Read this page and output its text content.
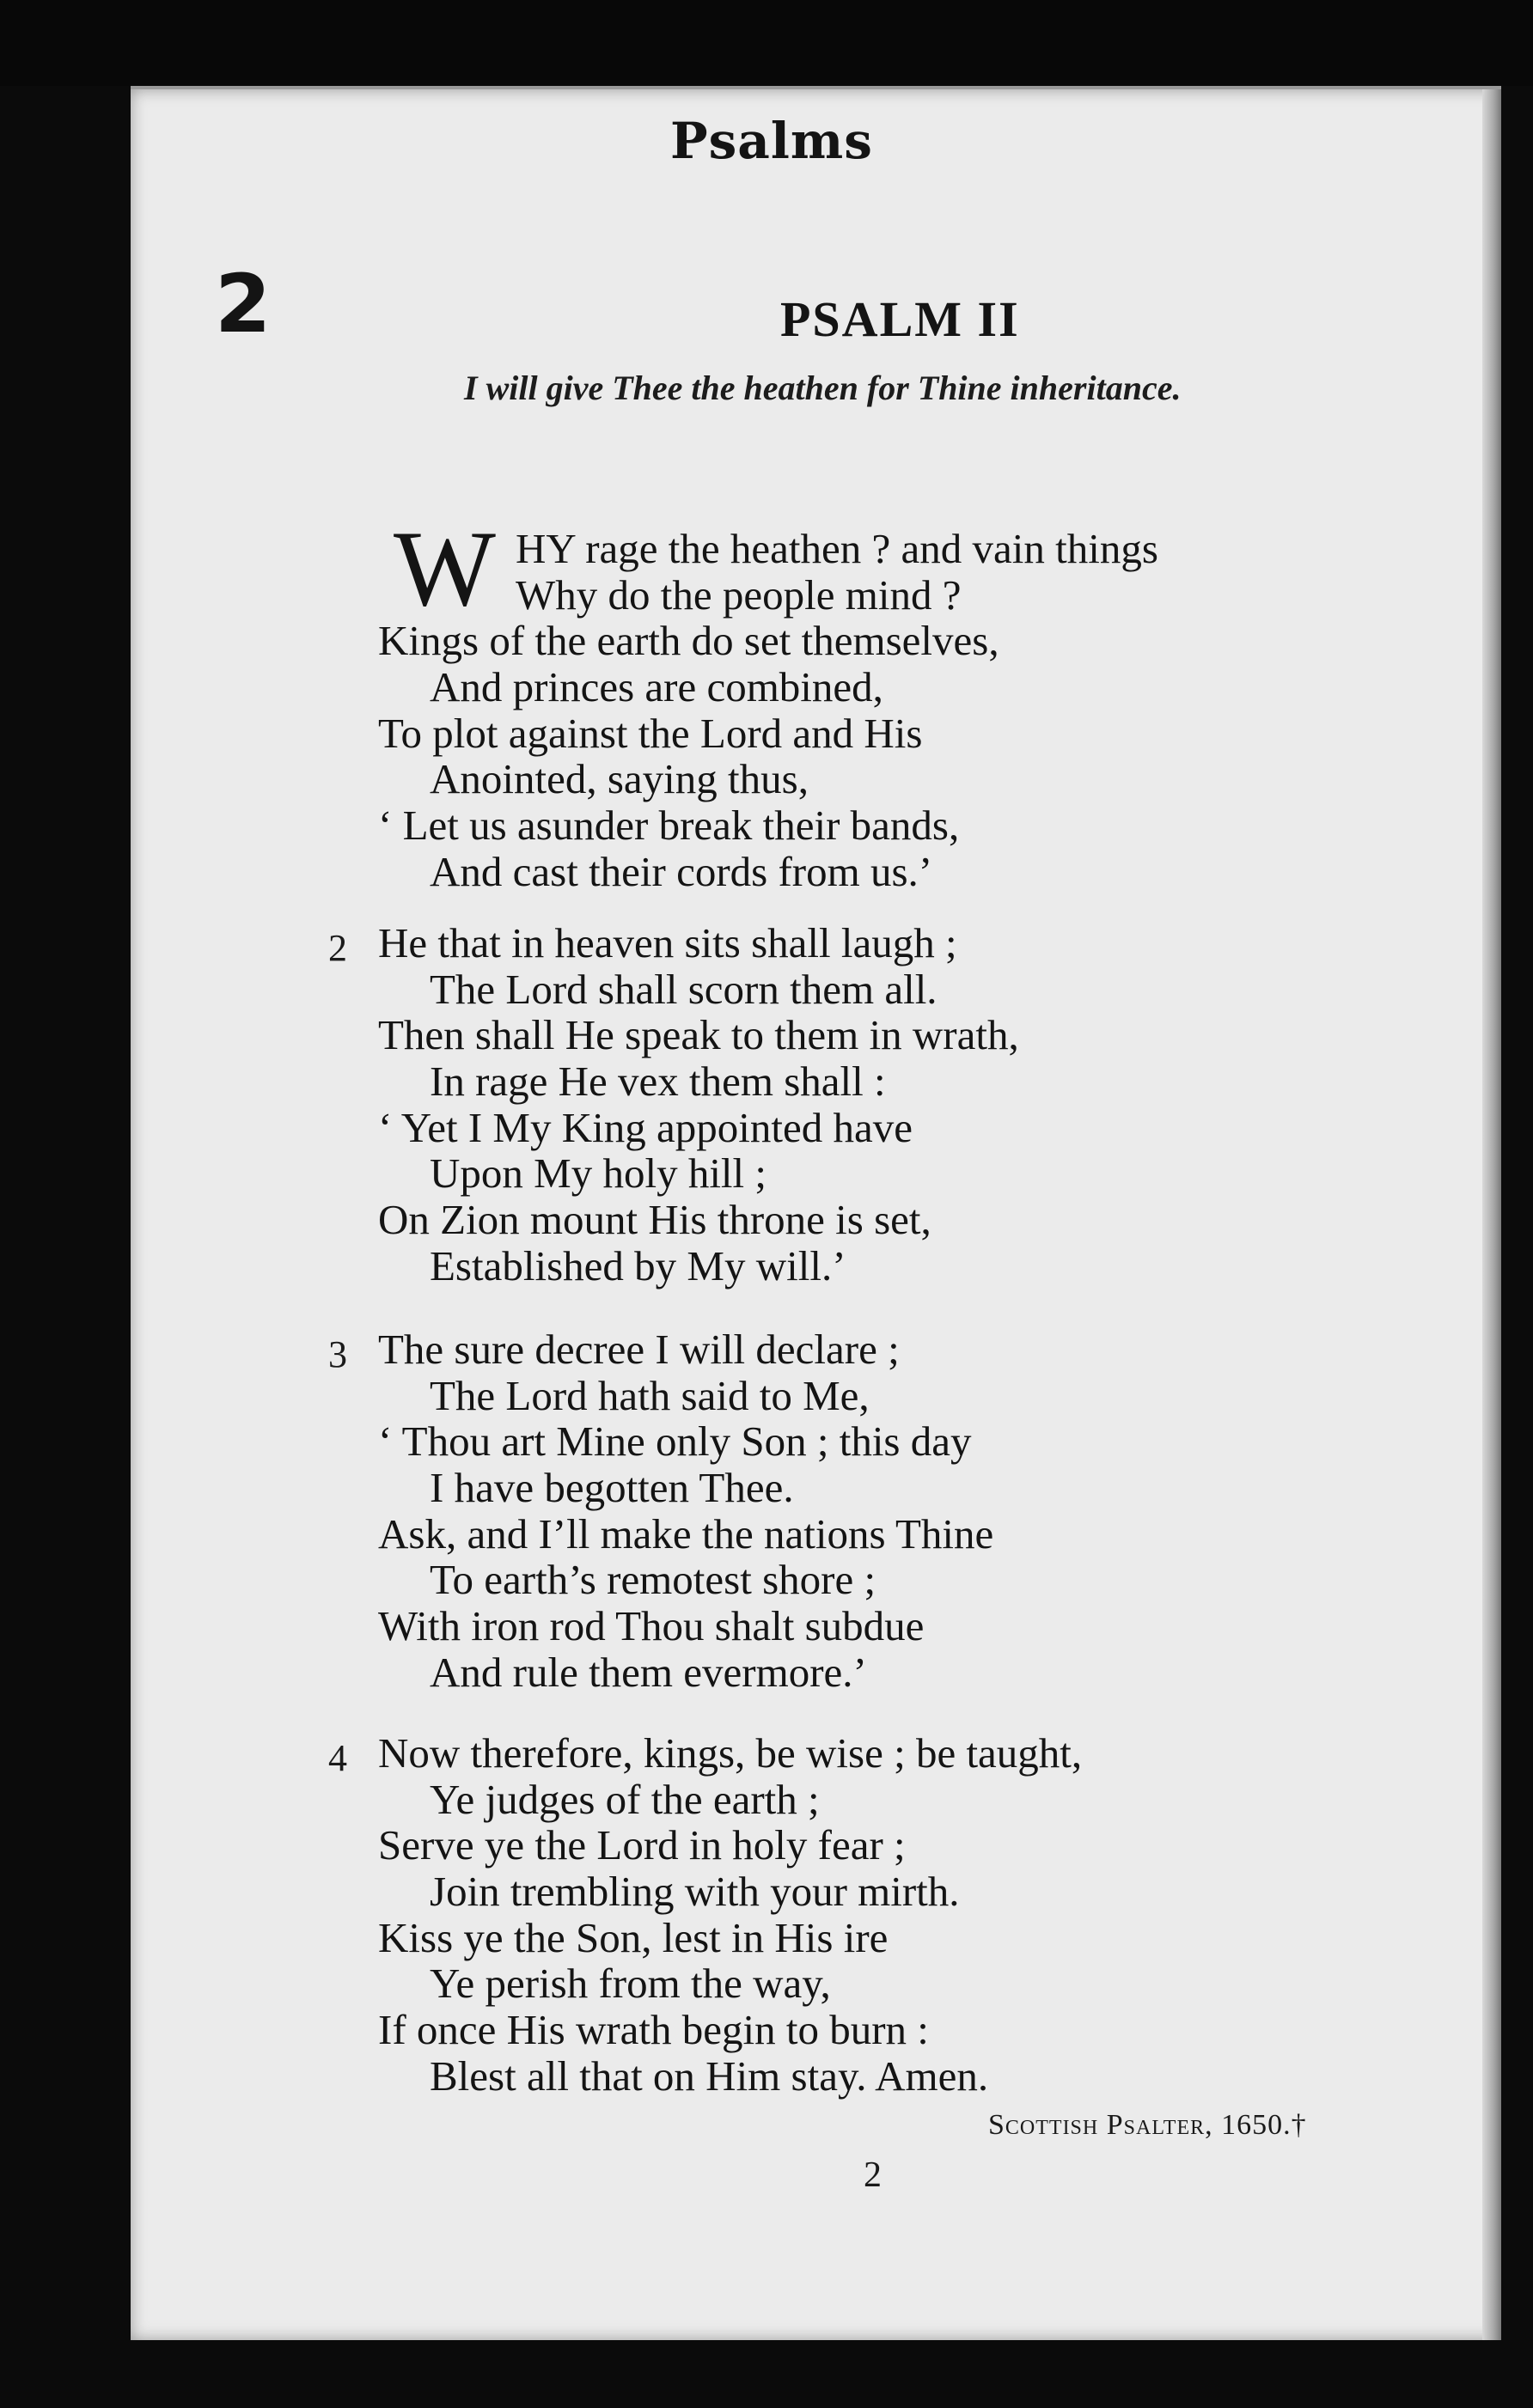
Psalms
2	PSALM II
I will give Thee the heathen for Thine inheritance.
W HY rage the heathen ? and vain things
Why do the people mind ?
Kings of the earth do set themselves,
And princes are combined,
To plot against the Lord and His
Anointed, saying thus,
‘ Let us asunder break their bands,
And cast their cords from us.’
2 He that in heaven sits shall laugh ;
The Lord shall scorn them all.
Then shall He speak to them in wrath,
In rage He vex them shall :
‘ Yet I My King appointed have
Upon My holy hill ;
On Zion mount His throne is set,
Established by My will.’
3 The sure decree I will declare ;
The Lord hath said to Me,
‘ Thou art Mine only Son ; this day
I have begotten Thee.
Ask, and I’ll make the nations Thine
To earth’s remotest shore ;
With iron rod Thou shalt subdue
And rule them evermore.’
4 Now therefore, kings, be wise ; be taught,
Ye judges of the earth ;
Serve ye the Lord in holy fear ;
Join trembling with your mirth.
Kiss ye the Son, lest in His ire
Ye perish from the way,
If once His wrath begin to burn :
Blest all that on Him stay. Amen.
Scottish Psalter, 1650.†
2
